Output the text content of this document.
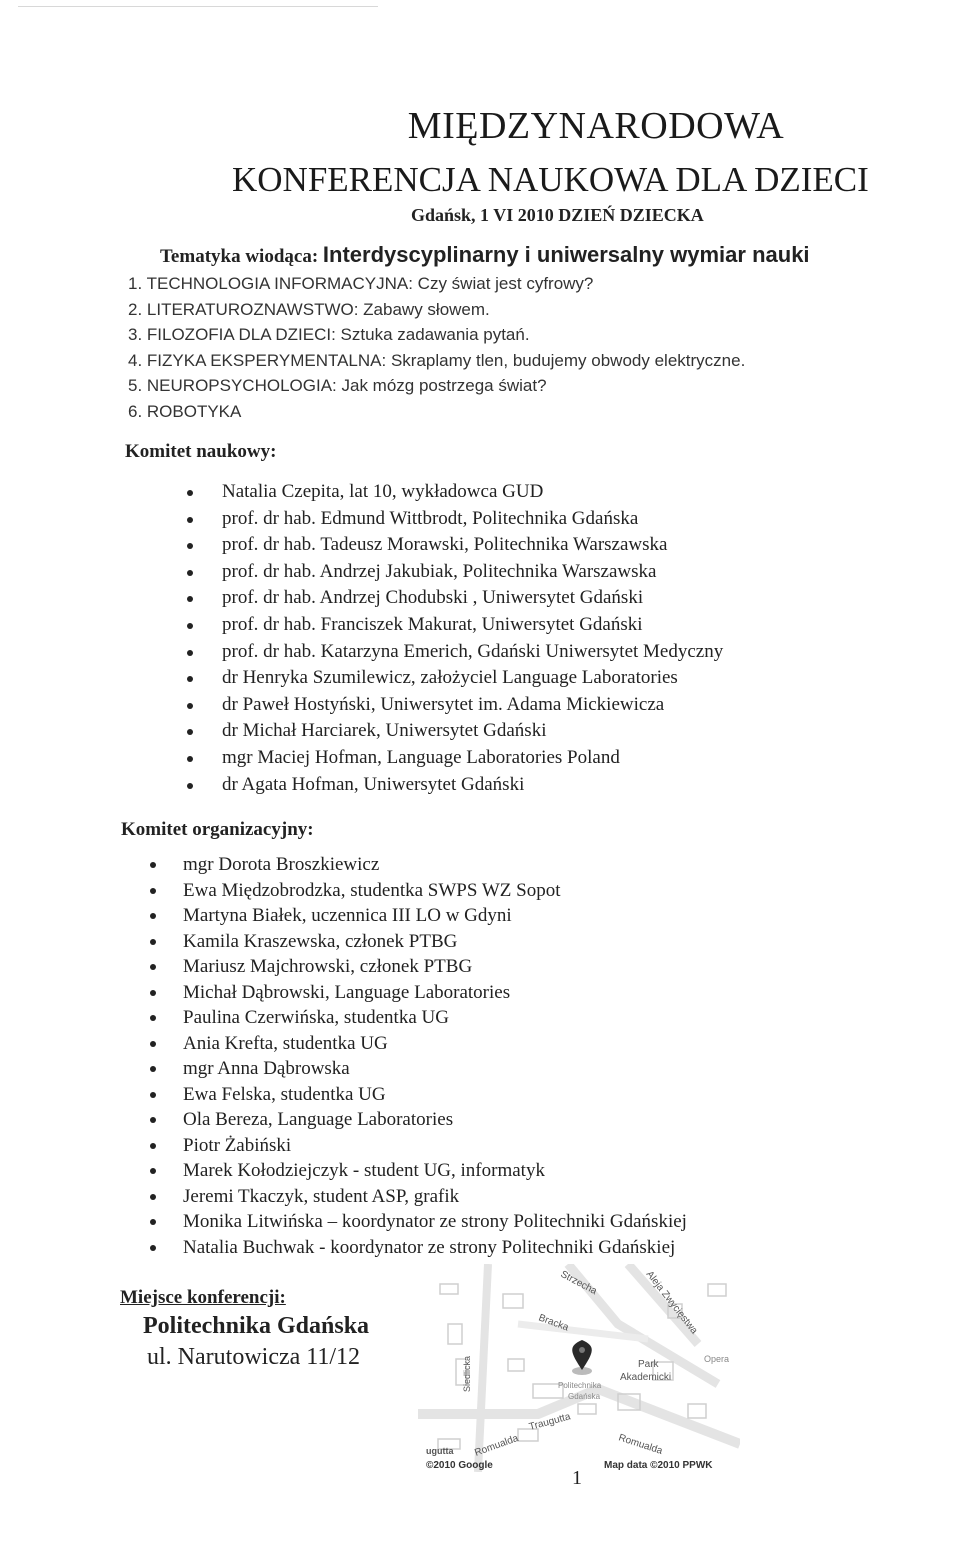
MIĘDZYNARODOWA
KONFERENCJA NAUKOWA DLA DZIECI
Gdańsk, 1 VI 2010 DZIEŃ DZIECKA
Tematyka wiodąca: Interdyscyplinarny i uniwersalny wymiar nauki
1. TECHNOLOGIA INFORMACYJNA: Czy świat jest cyfrowy?
2. LITERATUROZNAWSTWO: Zabawy słowem.
3. FILOZOFIA DLA DZIECI: Sztuka zadawania pytań.
4. FIZYKA EKSPERYMENTALNA: Skraplamy tlen, budujemy obwody elektryczne.
5. NEUROPSYCHOLOGIA: Jak mózg postrzega świat?
6. ROBOTYKA
Komitet naukowy:
Natalia Czepita, lat 10, wykładowca GUD
prof. dr hab. Edmund Wittbrodt, Politechnika Gdańska
prof. dr hab. Tadeusz Morawski, Politechnika Warszawska
prof. dr hab. Andrzej Jakubiak, Politechnika Warszawska
prof. dr hab. Andrzej Chodubski , Uniwersytet Gdański
prof. dr hab. Franciszek Makurat, Uniwersytet Gdański
prof. dr hab. Katarzyna Emerich, Gdański Uniwersytet Medyczny
dr Henryka Szumilewicz, założyciel Language Laboratories
dr Paweł Hostyński, Uniwersytet im. Adama Mickiewicza
dr Michał Harciarek, Uniwersytet Gdański
mgr Maciej Hofman, Language Laboratories Poland
dr Agata Hofman, Uniwersytet Gdański
Komitet organizacyjny:
mgr Dorota Broszkiewicz
Ewa Międzobrodzka, studentka SWPS WZ Sopot
Martyna Białek, uczennica III LO w Gdyni
Kamila Kraszewska, członek PTBG
Mariusz Majchrowski, członek PTBG
Michał Dąbrowski, Language Laboratories
Paulina Czerwińska, studentka UG
Ania Krefta, studentka UG
mgr Anna Dąbrowska
Ewa Felska, studentka UG
Ola Bereza, Language Laboratories
Piotr Żabiński
Marek Kołodziejczyk - student UG, informatyk
Jeremi Tkaczyk, student ASP, grafik
Monika Litwińska – koordynator ze strony Politechniki Gdańskiej
Natalia Buchwak - koordynator ze strony Politechniki Gdańskiej
Miejsce konferencji:
Politechnika Gdańska
ul. Narutowicza 11/12
Strzecha	Aleja Zwycięstwa
Bracka
Siedlicka	Park
Akademicki
Opera
Politechnika
Gdańska
Traugutta
Romualda	Romualda
ugutta
©2010 Google	Map data ©2010 PPWK
1
